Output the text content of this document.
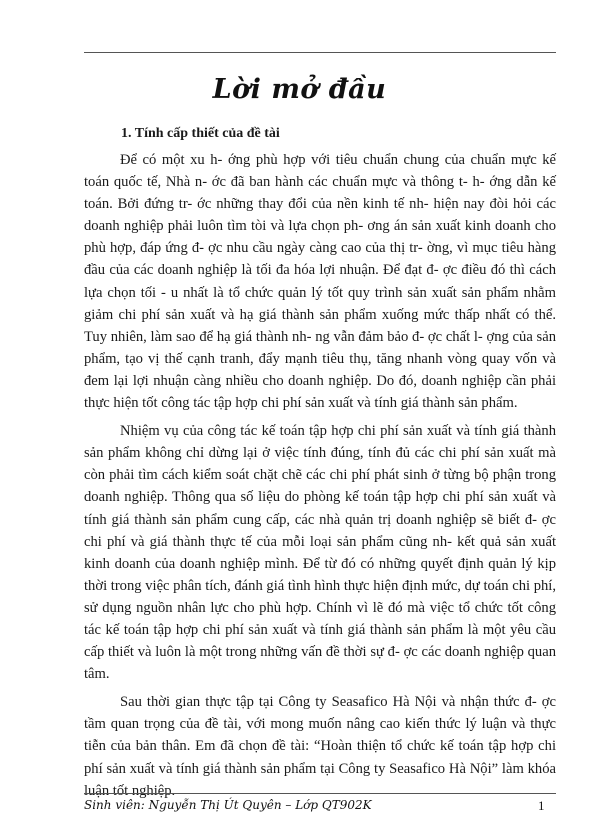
Lời mở đầu
1. Tính cấp thiết của đề tài

Để có một xu h- ớng phù hợp với tiêu chuẩn chung của chuẩn mực kế toán quốc tế, Nhà n- ớc đã ban hành các chuẩn mực và thông t- h- ớng dẫn kế toán. Bởi đứng tr- ớc những thay đổi của nền kinh tế nh- hiện nay đòi hỏi các doanh nghiệp phải luôn tìm tòi và lựa chọn ph- ơng án sản xuất kinh doanh cho phù hợp, đáp ứng đ- ợc nhu cầu ngày càng cao của thị tr- ờng, vì mục tiêu hàng đầu của các doanh nghiệp là tối đa hóa lợi nhuận. Để đạt đ- ợc điều đó thì cách lựa chọn tối - u nhất là tổ chức quản lý tốt quy trình sản xuất sản phẩm nhằm giảm chi phí sản xuất và hạ giá thành sản phẩm xuống mức thấp nhất có thể. Tuy nhiên, làm sao để hạ giá thành nh- ng vẫn đảm bảo đ- ợc chất l- ợng của sản phẩm, tạo vị thế cạnh tranh, đẩy mạnh tiêu thụ, tăng nhanh vòng quay vốn và đem lại lợi nhuận càng nhiều cho doanh nghiệp. Do đó, doanh nghiệp cần phải thực hiện tốt công tác tập hợp chi phí sản xuất và tính giá thành sản phẩm.

Nhiệm vụ của công tác kế toán tập hợp chi phí sản xuất và tính giá thành sản phẩm không chỉ dừng lại ở việc tính đúng, tính đủ các chi phí sản xuất mà còn phải tìm cách kiểm soát chặt chẽ các chi phí phát sinh ở từng bộ phận trong doanh nghiệp. Thông qua số liệu do phòng kế toán tập hợp chi phí sản xuất và tính giá thành sản phẩm cung cấp, các nhà quản trị doanh nghiệp sẽ biết đ- ợc chi phí và giá thành thực tế của mỗi loại sản phẩm cũng nh- kết quả sản xuất kinh doanh của doanh nghiệp mình. Để từ đó có những quyết định quản lý kịp thời trong việc phân tích, đánh giá tình hình thực hiện định mức, dự toán chi phí, sử dụng nguồn nhân lực cho phù hợp. Chính vì lẽ đó mà việc tổ chức tốt công tác kế toán tập hợp chi phí sản xuất và tính giá thành sản phẩm là một yêu cầu cấp thiết và luôn là một trong những vấn đề thời sự đ- ợc các doanh nghiệp quan tâm.

Sau thời gian thực tập tại Công ty Seasafico Hà Nội và nhận thức đ- ợc tầm quan trọng của đề tài, với mong muốn nâng cao kiến thức lý luận và thực tiễn của bản thân. Em đã chọn đề tài: “Hoàn thiện tổ chức kế toán tập hợp chi phí sản xuất và tính giá thành sản phẩm tại Công ty Seasafico Hà Nội” làm khóa luận tốt nghiệp.

Sinh viên: Nguyễn Thị Út Quyên – Lớp QT902K	1
